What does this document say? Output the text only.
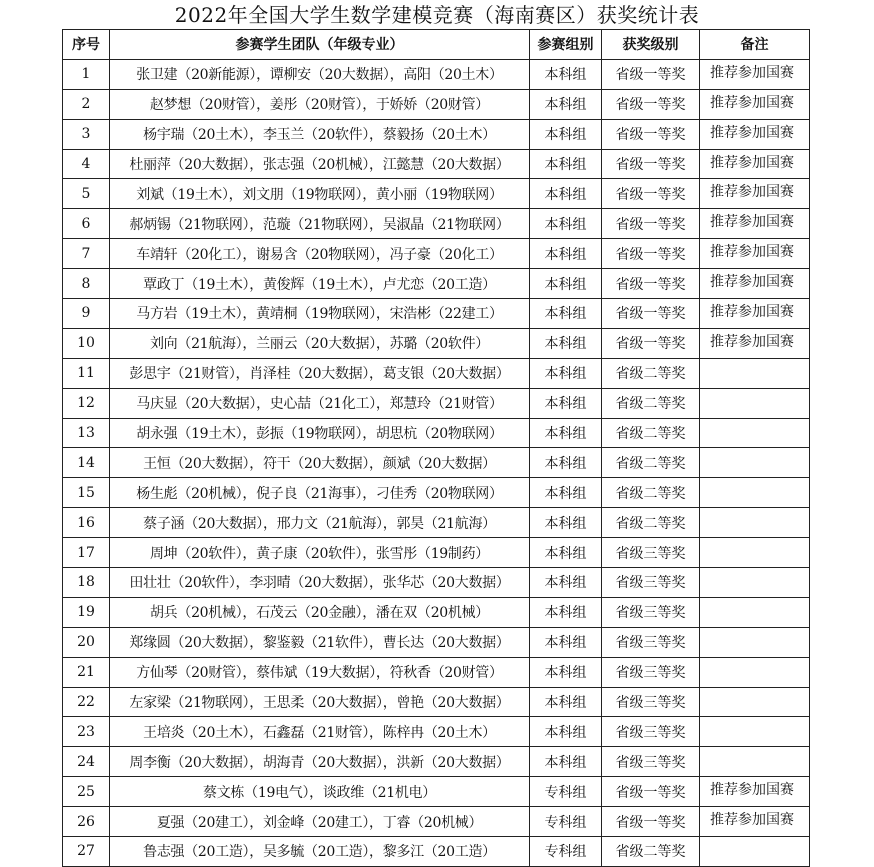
2022年全国大学生数学建模竞赛（海南赛区）获奖统计表
序号	参赛学生团队（年级专业）	参赛组别	获奖级别	备注
1	张卫建（20新能源），谭柳安（20大数据），高阳（20土木）	本科组	省级一等奖	推荐参加国赛
2	赵梦想（20财管），姜彤（20财管），于娇娇（20财管）	本科组	省级一等奖	推荐参加国赛
3	杨宇瑞（20土木），李玉兰（20软件），蔡毅扬（20土木）	本科组	省级一等奖	推荐参加国赛
4	杜丽萍（20大数据），张志强（20机械），江懿慧（20大数据）	本科组	省级一等奖	推荐参加国赛
5	刘斌（19土木），刘文朋（19物联网），黄小丽（19物联网）	本科组	省级一等奖	推荐参加国赛
6	郝炳锡（21物联网），范璇（21物联网），吴淑晶（21物联网）	本科组	省级一等奖	推荐参加国赛
7	车靖轩（20化工），谢易含（20物联网），冯子豪（20化工）	本科组	省级一等奖	推荐参加国赛
8	覃政丁（19土木），黄俊辉（19土木），卢尤恋（20工造）	本科组	省级一等奖	推荐参加国赛
9	马方岩（19土木），黄靖桐（19物联网），宋浩彬（22建工）	本科组	省级一等奖	推荐参加国赛
10	刘向（21航海），兰丽云（20大数据），苏璐（20软件）	本科组	省级一等奖	推荐参加国赛
11	彭思宇（21财管），肖泽桂（20大数据），葛支银（20大数据）	本科组	省级二等奖	
12	马庆显（20大数据），史心喆（21化工），郑慧玲（21财管）	本科组	省级二等奖	
13	胡永强（19土木），彭振（19物联网），胡思杭（20物联网）	本科组	省级二等奖	
14	王恒（20大数据），符干（20大数据），颜斌（20大数据）	本科组	省级二等奖	
15	杨生彪（20机械），倪子良（21海事），刁佳秀（20物联网）	本科组	省级二等奖	
16	蔡子涵（20大数据），邢力文（21航海），郭昊（21航海）	本科组	省级二等奖	
17	周坤（20软件），黄子康（20软件），张雪彤（19制药）	本科组	省级三等奖	
18	田壮壮（20软件），李羽晴（20大数据），张华芯（20大数据）	本科组	省级三等奖	
19	胡兵（20机械），石茂云（20金融），潘在双（20机械）	本科组	省级三等奖	
20	郑缘圆（20大数据），黎鉴毅（21软件），曹长达（20大数据）	本科组	省级三等奖	
21	方仙琴（20财管），蔡伟斌（19大数据），符秋香（20财管）	本科组	省级三等奖	
22	左家梁（21物联网），王思柔（20大数据），曾艳（20大数据）	本科组	省级三等奖	
23	王培炎（20土木），石鑫磊（21财管），陈梓冉（20土木）	本科组	省级三等奖	
24	周李衡（20大数据），胡海青（20大数据），洪新（20大数据）	本科组	省级三等奖	
25	蔡文栋（19电气），谈政维（21机电）	专科组	省级一等奖	推荐参加国赛
26	夏强（20建工），刘金峰（20建工），丁睿（20机械）	专科组	省级一等奖	推荐参加国赛
27	鲁志强（20工造），吴多毓（20工造），黎多江（20工造）	专科组	省级二等奖	
